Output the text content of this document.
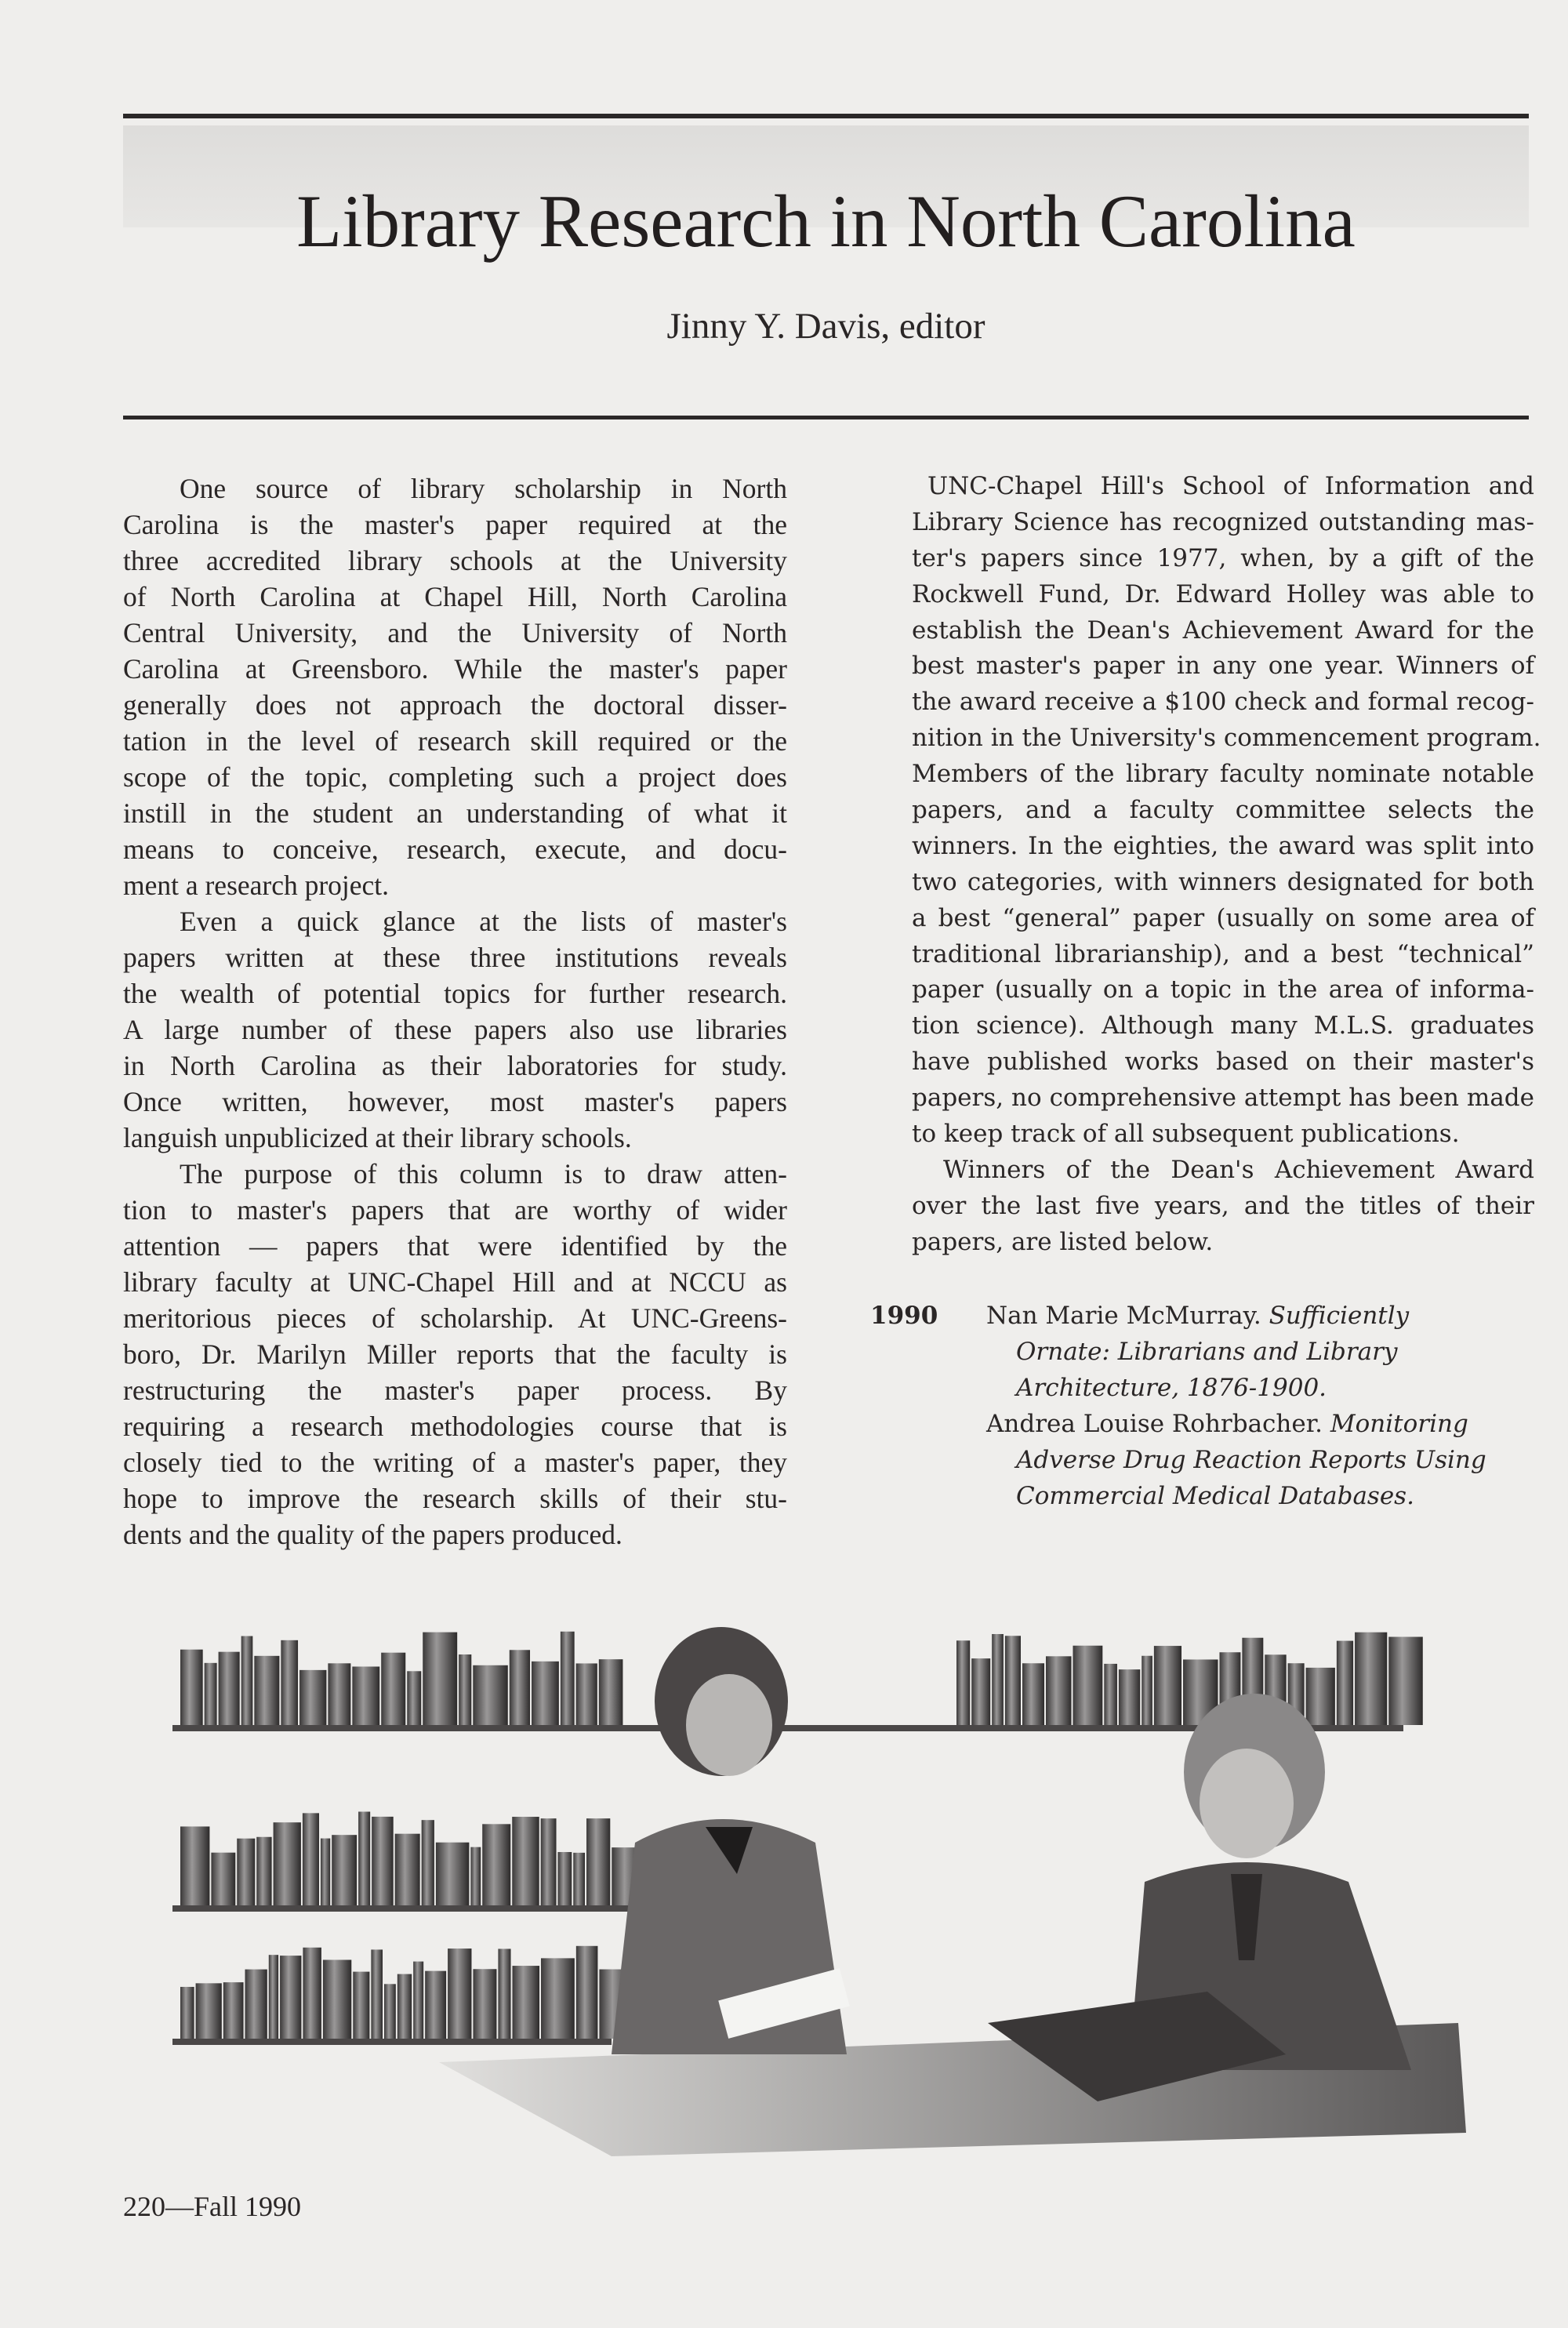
Library Research in North Carolina
Jinny Y. Davis, editor
One source of library scholarship in North
Carolina is the master's paper required at the
three accredited library schools at the University
of North Carolina at Chapel Hill, North Carolina
Central University, and the University of North
Carolina at Greensboro. While the master's paper
generally does not approach the doctoral disser-
tation in the level of research skill required or the
scope of the topic, completing such a project does
instill in the student an understanding of what it
means to conceive, research, execute, and docu-
ment a research project.
Even a quick glance at the lists of master's
papers written at these three institutions reveals
the wealth of potential topics for further research.
A large number of these papers also use libraries
in North Carolina as their laboratories for study.
Once written, however, most master's papers
languish unpublicized at their library schools.
The purpose of this column is to draw atten-
tion to master's papers that are worthy of wider
attention — papers that were identified by the
library faculty at UNC-Chapel Hill and at NCCU as
meritorious pieces of scholarship. At UNC-Greens-
boro, Dr. Marilyn Miller reports that the faculty is
restructuring the master's paper process. By
requiring a research methodologies course that is
closely tied to the writing of a master's paper, they
hope to improve the research skills of their stu-
dents and the quality of the papers produced.
UNC-Chapel Hill's School of Information and
Library Science has recognized outstanding mas-
ter's papers since 1977, when, by a gift of the
Rockwell Fund, Dr. Edward Holley was able to
establish the Dean's Achievement Award for the
best master's paper in any one year. Winners of
the award receive a $100 check and formal recog-
nition in the University's commencement program.
Members of the library faculty nominate notable
papers, and a faculty committee selects the
winners. In the eighties, the award was split into
two categories, with winners designated for both
a best “general” paper (usually on some area of
traditional librarianship), and a best “technical”
paper (usually on a topic in the area of informa-
tion science). Although many M.L.S. graduates
have published works based on their master's
papers, no comprehensive attempt has been made
to keep track of all subsequent publications.
Winners of the Dean's Achievement Award
over the last five years, and the titles of their
papers, are listed below.
1990 Nan Marie McMurray. Sufficiently
Ornate: Librarians and Library
Architecture, 1876-1900.
Andrea Louise Rohrbacher. Monitoring
Adverse Drug Reaction Reports Using
Commercial Medical Databases.
220—Fall 1990
